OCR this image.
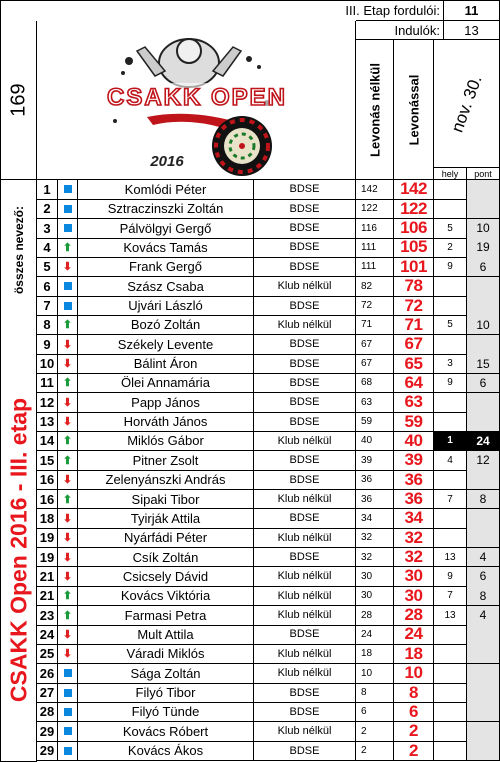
III. Etap fordulói:	11
Indulók:	13
169	CSAKK OPEN
2016
Levonás nélkül Levonással nov. 30.
hely	pont
összes nevező:
CSAKK Open 2016 - III. etap
1	Komlódi Péter	BDSE	142	142
2	Sztraczinszki Zoltán	BDSE	122	122
3	Pálvölgyi Gergő	BDSE	116	106	5	10
4	⬆	Kovács Tamás	BDSE	111	105	2	19
5	⬇	Frank Gergő	BDSE	111	101	9	6
6	Szász Csaba	Klub nélkül	82	78
7	Ujvári László	BDSE	72	72
8	⬆	Bozó Zoltán	Klub nélkül	71	71	5	10
9	⬇	Székely Levente	BDSE	67	67
10 ⬇	Bálint Áron	BDSE	67	65	3	15
11 ⬆	Ölei Annamária	BDSE	68	64	9	6
12 ⬇	Papp János	BDSE	63	63
13 ⬇	Horváth János	BDSE	59	59
14 ⬆	Miklós Gábor	Klub nélkül	40	40	1	24
15 ⬆	Pitner Zsolt	BDSE	39	39	4	12
16 ⬇	Zelenyánszki András	BDSE	36	36
16 ⬆	Sipaki Tibor	Klub nélkül	36	36	7	8
18 ⬇	Tyirják Attila	BDSE	34	34
19 ⬇	Nyárfádi Péter	Klub nélkül	32	32
19 ⬇	Csík Zoltán	BDSE	32	32	13	4
21 ⬇	Csicsely Dávid	Klub nélkül	30	30	9	6
21 ⬆	Kovács Viktória	Klub nélkül	30	30	7	8
23 ⬆	Farmasi Petra	Klub nélkül	28	28	13	4
24 ⬇	Mult Attila	BDSE	24	24
25 ⬇	Váradi Miklós	Klub nélkül	18	18
26	Sága Zoltán	Klub nélkül	10	10
27	Filyó Tibor	BDSE	8	8
28	Filyó Tünde	BDSE	6	6
29	Kovács Róbert	Klub nélkül	2	2
29	Kovács Ákos	BDSE	2	2
